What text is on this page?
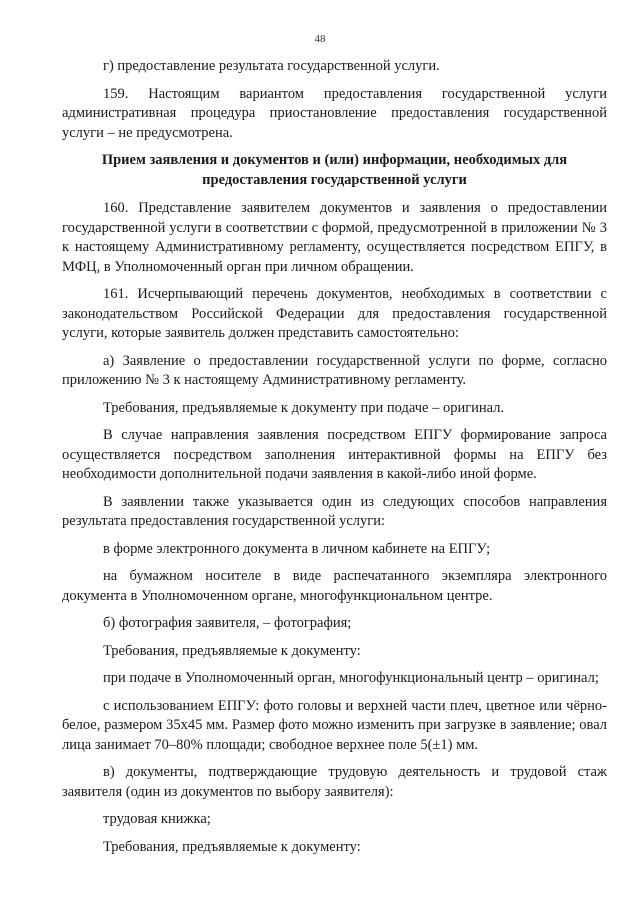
48

г) предоставление результата государственной услуги.

159. Настоящим вариантом предоставления государственной услуги административная процедура приостановление предоставления государственной услуги – не предусмотрена.

Прием заявления и документов и (или) информации, необходимых для предоставления государственной услуги

160. Представление заявителем документов и заявления о предоставлении государственной услуги в соответствии с формой, предусмотренной в приложении № 3 к настоящему Административному регламенту, осуществляется посредством ЕПГУ, в МФЦ, в Уполномоченный орган при личном обращении.

161. Исчерпывающий перечень документов, необходимых в соответствии с законодательством Российской Федерации для предоставления государственной услуги, которые заявитель должен представить самостоятельно:

а) Заявление о предоставлении государственной услуги по форме, согласно приложению № 3 к настоящему Административному регламенту.

Требования, предъявляемые к документу при подаче – оригинал.

В случае направления заявления посредством ЕПГУ формирование запроса осуществляется посредством заполнения интерактивной формы на ЕПГУ без необходимости дополнительной подачи заявления в какой-либо иной форме.

В заявлении также указывается один из следующих способов направления результата предоставления государственной услуги:

в форме электронного документа в личном кабинете на ЕПГУ;

на бумажном носителе в виде распечатанного экземпляра электронного документа в Уполномоченном органе, многофункциональном центре.

б) фотография заявителя, – фотография;

Требования, предъявляемые к документу:

при подаче в Уполномоченный орган, многофункциональный центр – оригинал;

с использованием ЕПГУ: фото головы и верхней части плеч, цветное или чёрно-белое, размером 35х45 мм. Размер фото можно изменить при загрузке в заявление; овал лица занимает 70–80% площади; свободное верхнее поле 5(±1) мм.

в) документы, подтверждающие трудовую деятельность и трудовой стаж заявителя (один из документов по выбору заявителя):

трудовая книжка;

Требования, предъявляемые к документу:
